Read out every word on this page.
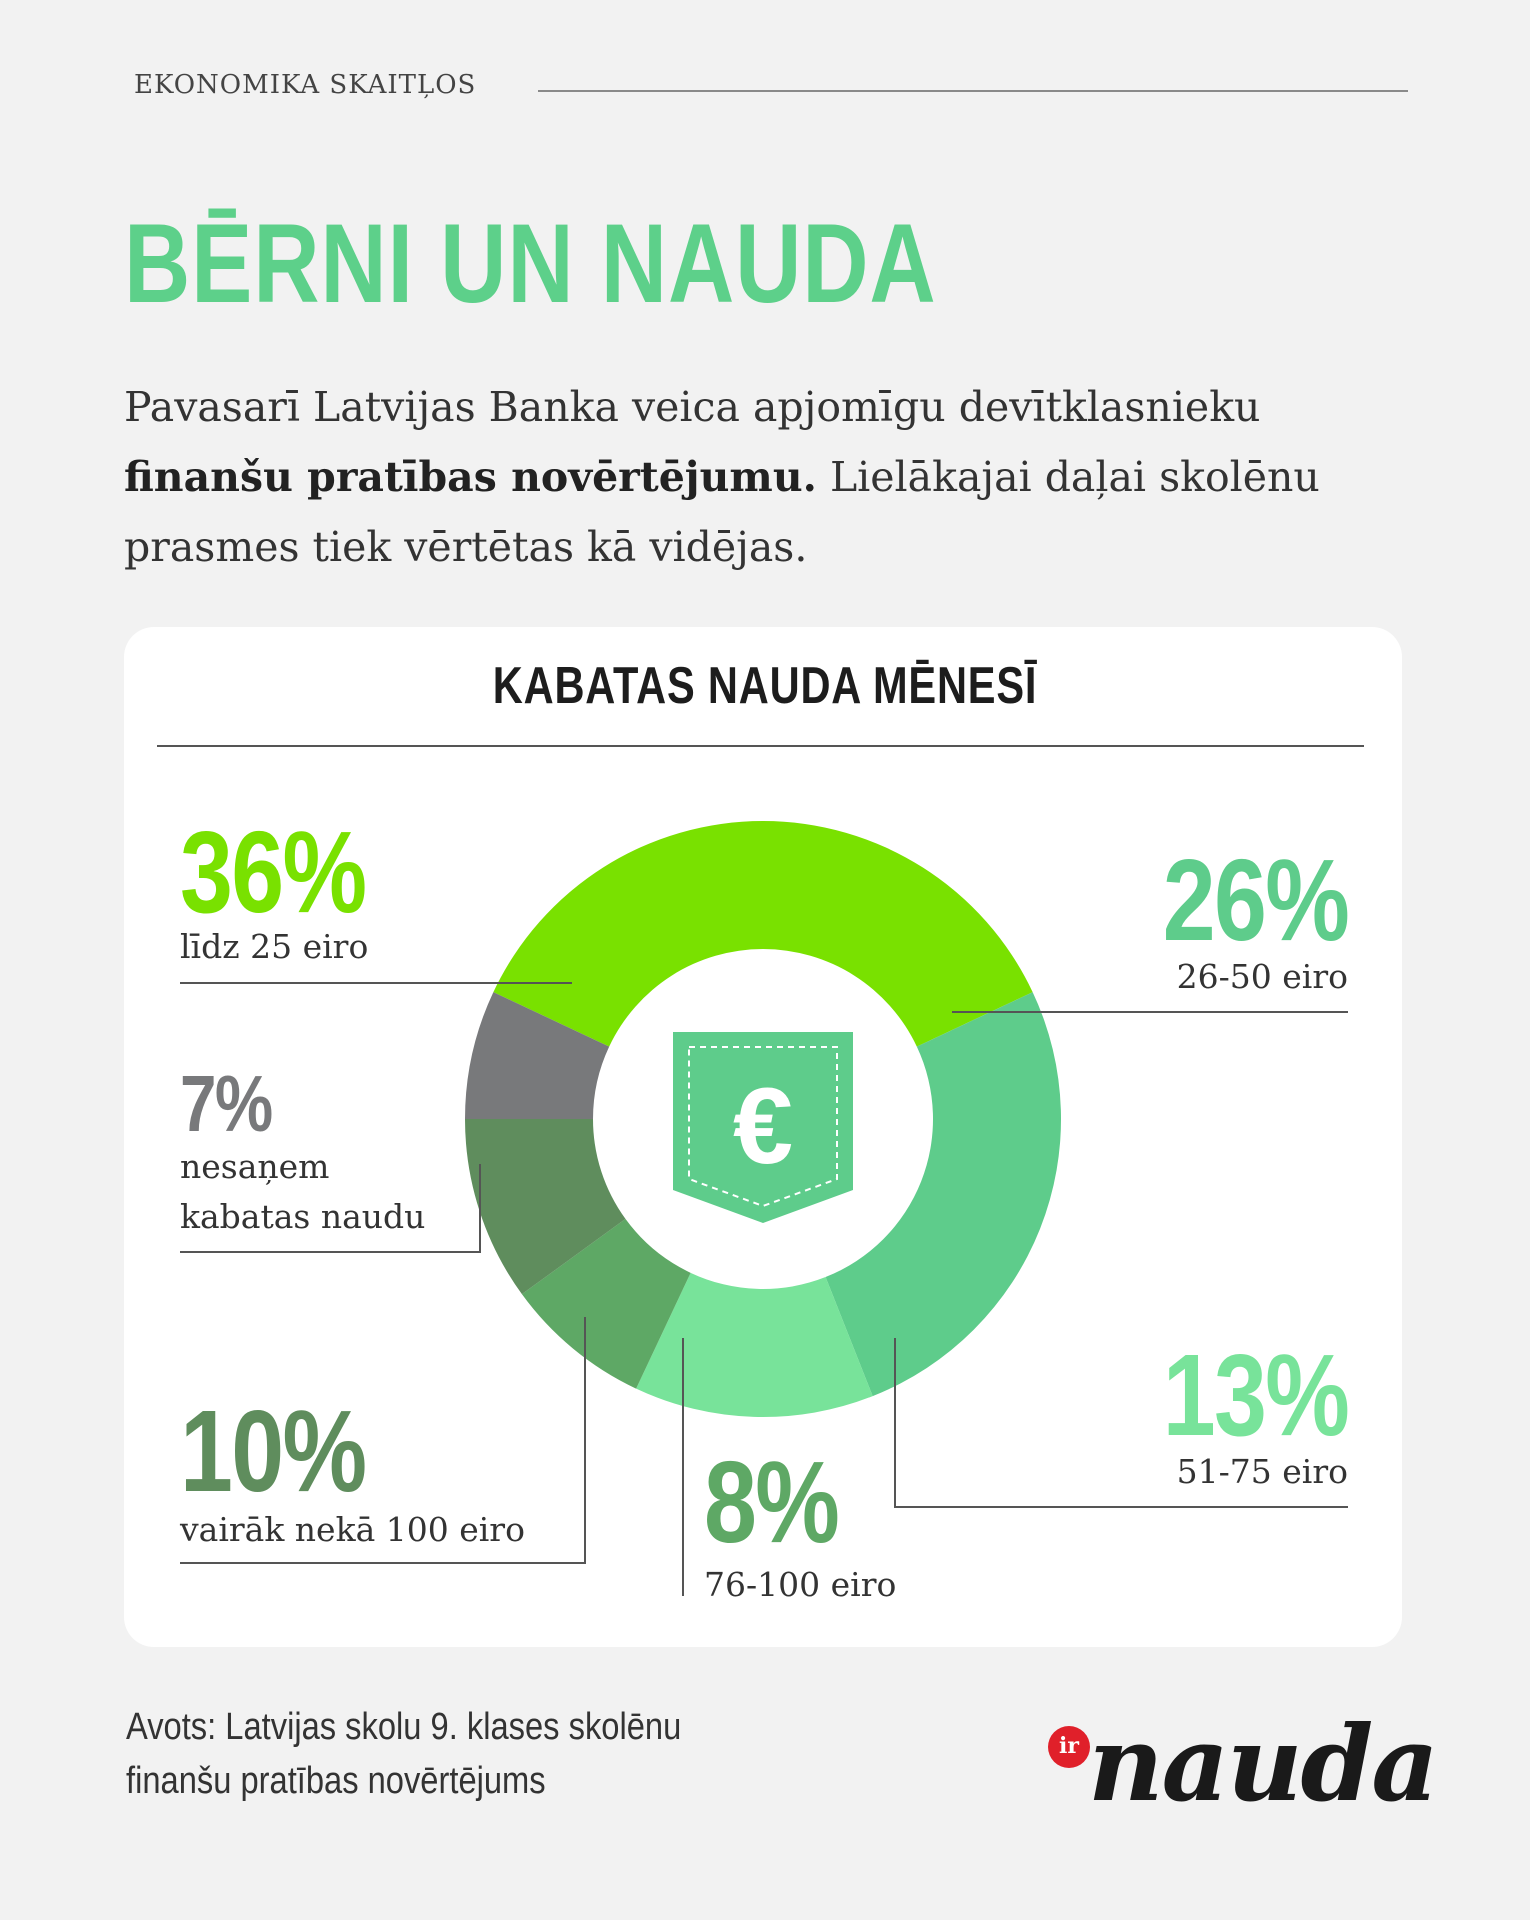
EKONOMIKA SKAITĻOS
BĒRNI UN NAUDA

Pavasarī Latvijas Banka veica apjomīgu devītklasnieku finanšu pratības novērtējumu. Lielākajai daļai skolēnu prasmes tiek vērtētas kā vidējas.

KABATAS NAUDA MĒNESĪ
€
36%
līdz 25 eiro	26%
26-50 eiro
13%
51-75 eiro
8%
76-100 eiro
10%
vairāk nekā 100 eiro
7%
nesaņem
kabatas naudu
Avots: Latvijas skolu 9. klases skolēnu
finanšu pratības novērtējums
ir nauda
